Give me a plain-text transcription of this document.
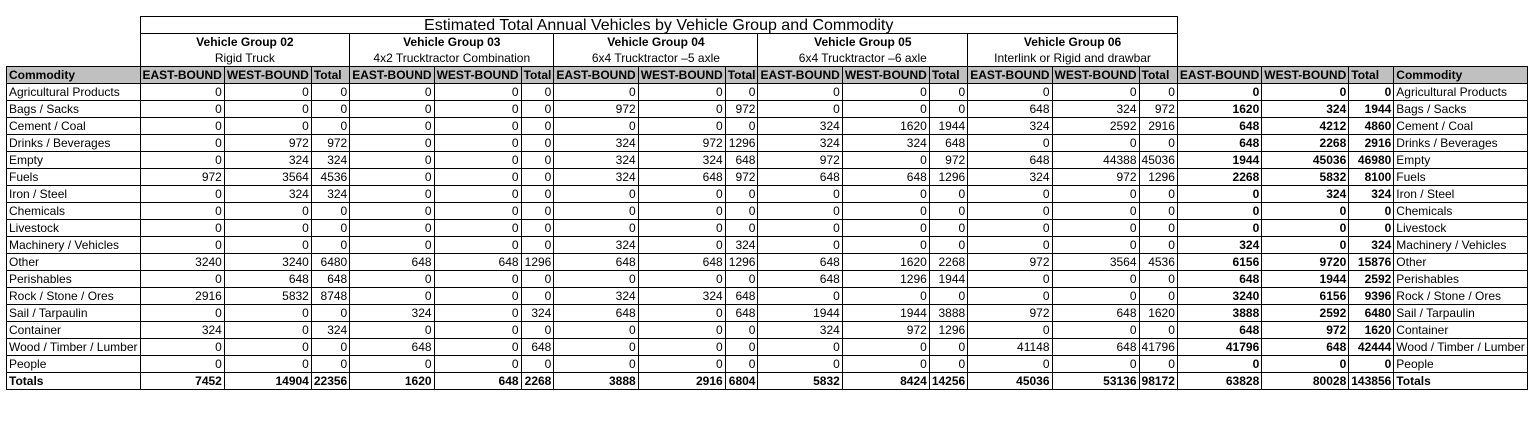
	Estimated Total Annual Vehicles by Vehicle Group and Commodity																		
	Vehicle Group 02			Vehicle Group 03			Vehicle Group 04			Vehicle Group 05			Vehicle Group 06						
	Rigid Truck			4x2 Trucktractor Combination			6x4 Trucktractor –5 axle			6x4 Trucktractor –6 axle			Interlink or Rigid and drawbar						
Commodity	EAST-BOUND	WEST-BOUND	Total	EAST-BOUND	WEST-BOUND	Total	EAST-BOUND	WEST-BOUND	Total	EAST-BOUND	WEST-BOUND	Total	EAST-BOUND	WEST-BOUND	Total	EAST-BOUND	WEST-BOUND	Total	Commodity
Agricultural Products	0	0	0	0	0	0	0	0	0	0	0	0	0	0	0	0	0	0	Agricultural Products
Bags / Sacks	0	0	0	0	0	0	972	0	972	0	0	0	648	324	972	1620	324	1944	Bags / Sacks
Cement / Coal	0	0	0	0	0	0	0	0	0	324	1620	1944	324	2592	2916	648	4212	4860	Cement / Coal
Drinks / Beverages	0	972	972	0	0	0	324	972	1296	324	324	648	0	0	0	648	2268	2916	Drinks / Beverages
Empty	0	324	324	0	0	0	324	324	648	972	0	972	648	44388	45036	1944	45036	46980	Empty
Fuels	972	3564	4536	0	0	0	324	648	972	648	648	1296	324	972	1296	2268	5832	8100	Fuels
Iron / Steel	0	324	324	0	0	0	0	0	0	0	0	0	0	0	0	0	324	324	Iron / Steel
Chemicals	0	0	0	0	0	0	0	0	0	0	0	0	0	0	0	0	0	0	Chemicals
Livestock	0	0	0	0	0	0	0	0	0	0	0	0	0	0	0	0	0	0	Livestock
Machinery / Vehicles	0	0	0	0	0	0	324	0	324	0	0	0	0	0	0	324	0	324	Machinery / Vehicles
Other	3240	3240	6480	648	648	1296	648	648	1296	648	1620	2268	972	3564	4536	6156	9720	15876	Other
Perishables	0	648	648	0	0	0	0	0	0	648	1296	1944	0	0	0	648	1944	2592	Perishables
Rock / Stone / Ores	2916	5832	8748	0	0	0	324	324	648	0	0	0	0	0	0	3240	6156	9396	Rock / Stone / Ores
Sail / Tarpaulin	0	0	0	324	0	324	648	0	648	1944	1944	3888	972	648	1620	3888	2592	6480	Sail / Tarpaulin
Container	324	0	324	0	0	0	0	0	0	324	972	1296	0	0	0	648	972	1620	Container
Wood / Timber / Lumber	0	0	0	648	0	648	0	0	0	0	0	0	41148	648	41796	41796	648	42444	Wood / Timber / Lumber
People	0	0	0	0	0	0	0	0	0	0	0	0	0	0	0	0	0	0	People
Totals	7452	14904	22356	1620	648	2268	3888	2916	6804	5832	8424	14256	45036	53136	98172	63828	80028	143856	Totals
